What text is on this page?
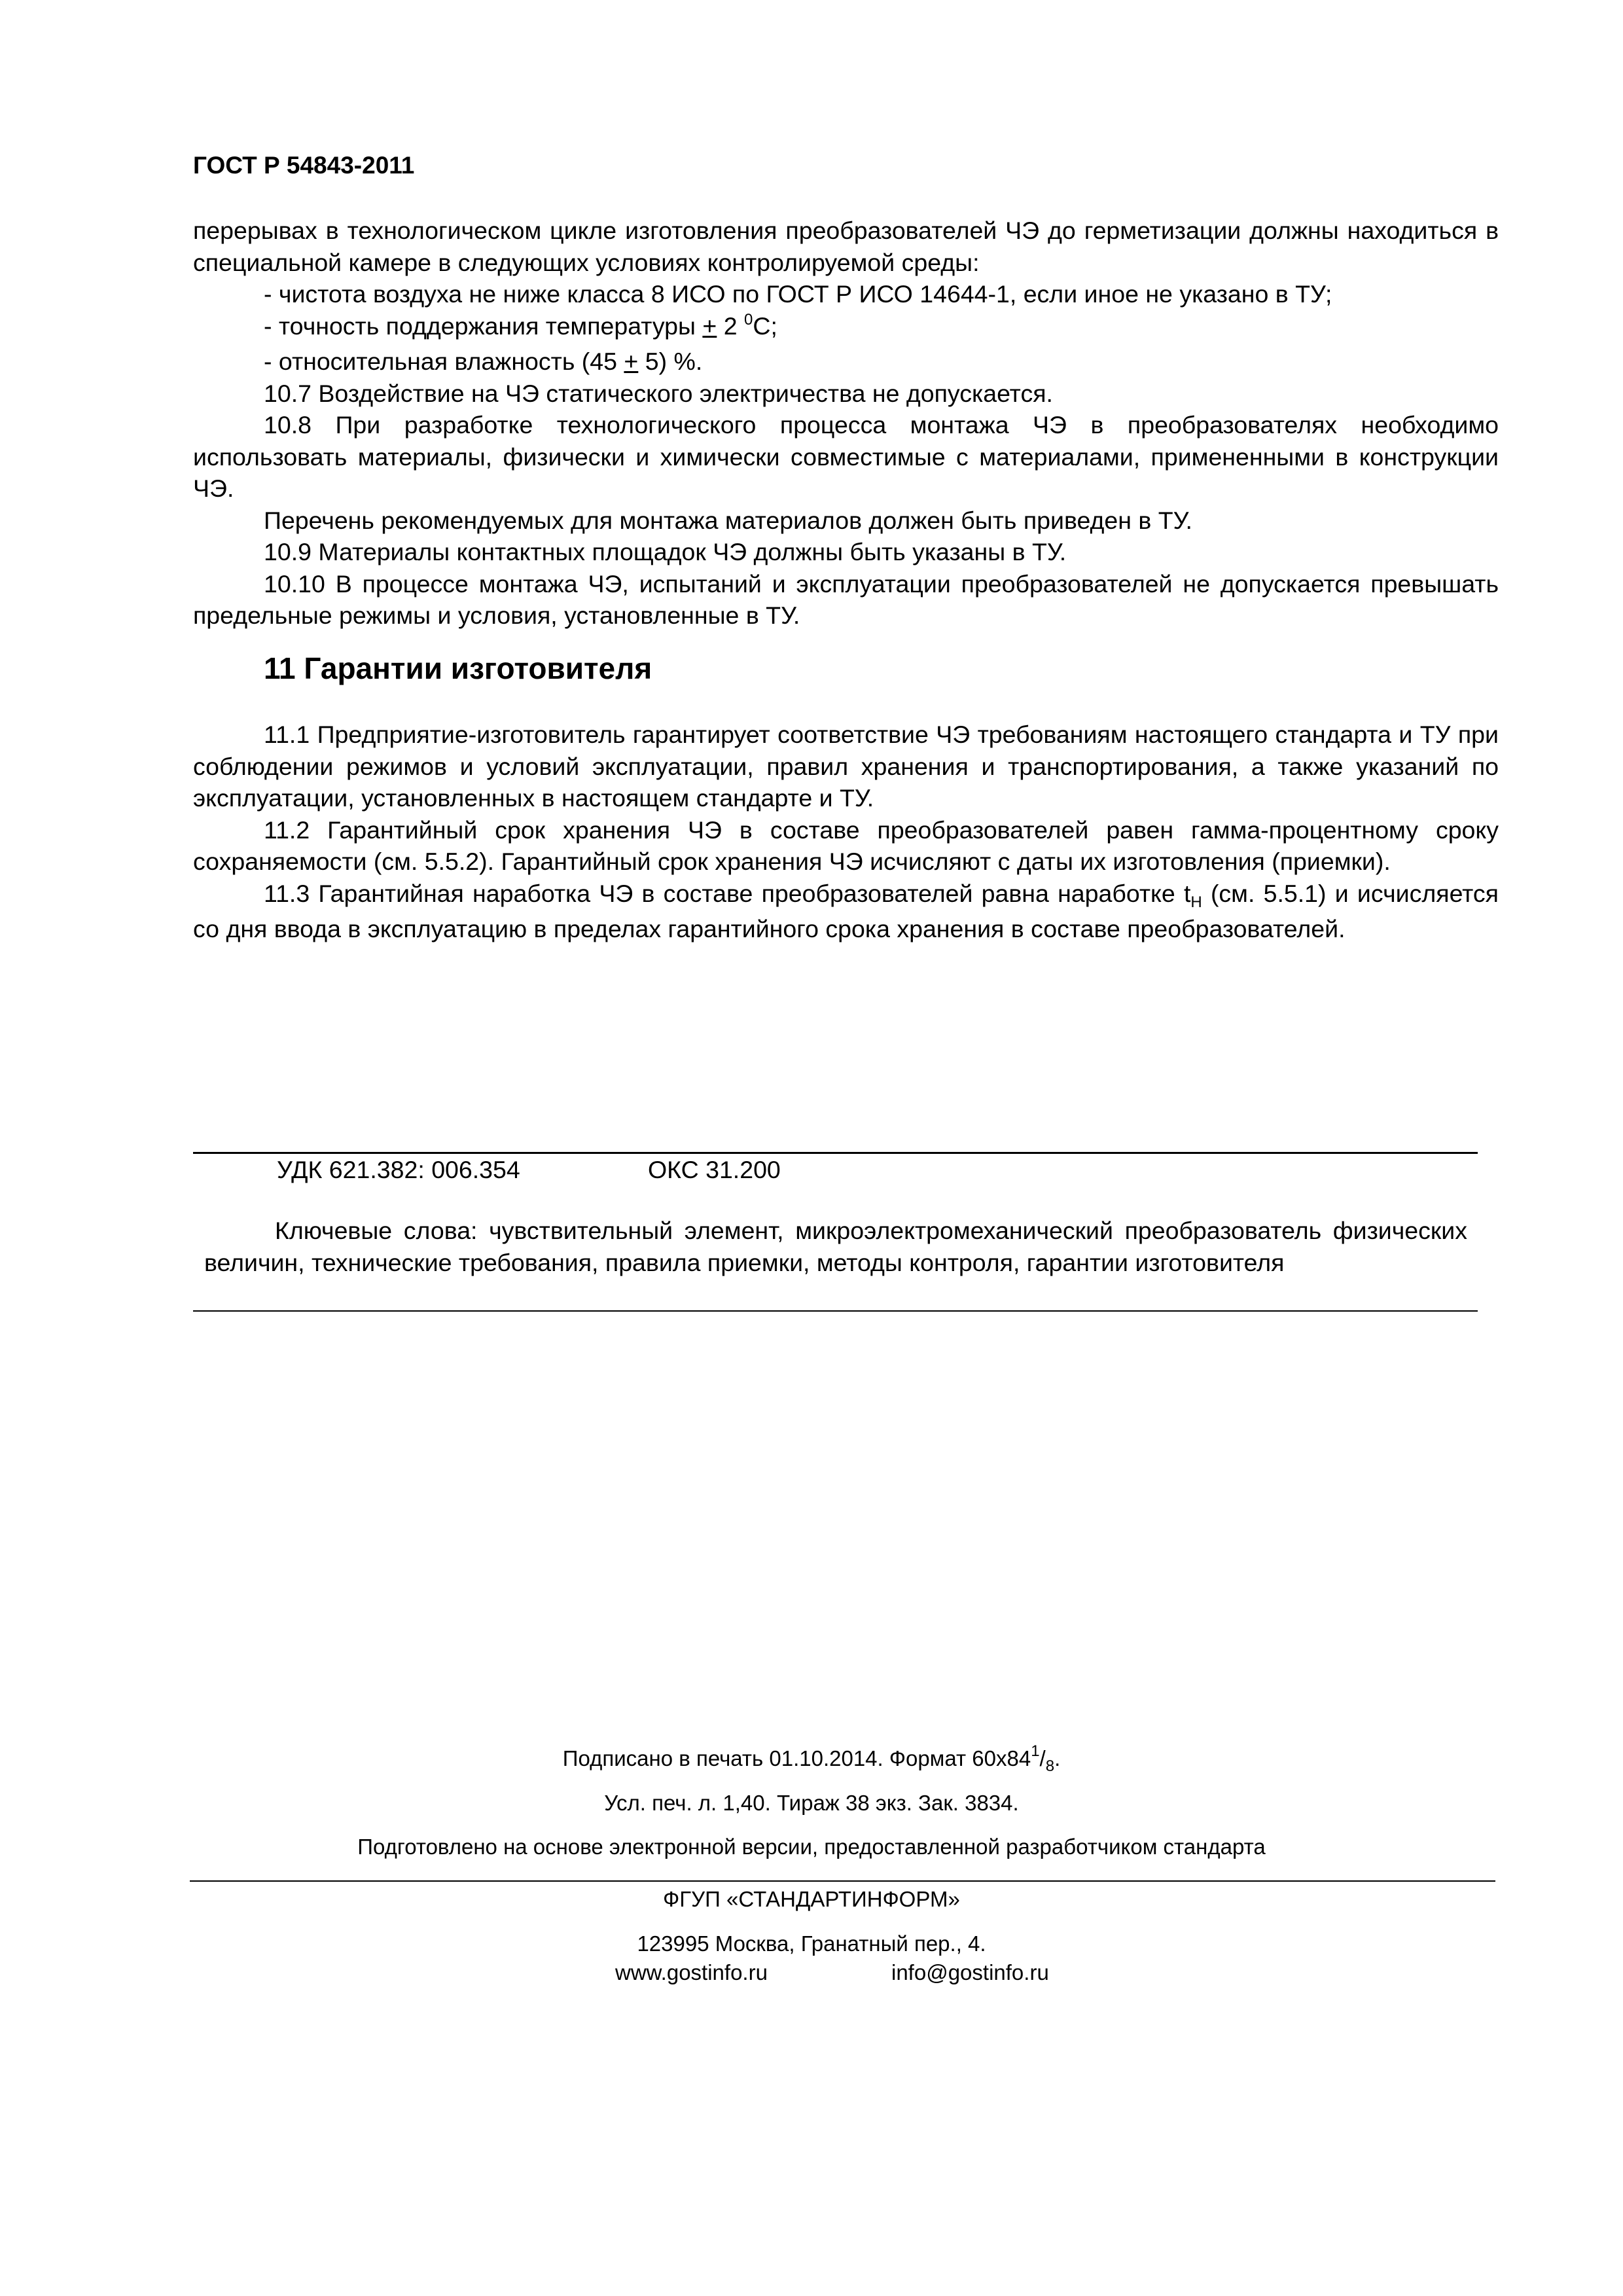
ГОСТ Р 54843-2011

перерывах в технологическом цикле изготовления преобразователей ЧЭ до герметизации должны находиться в специальной камере в следующих условиях контролируемой среды:

- чистота воздуха не ниже класса 8 ИСО по ГОСТ Р ИСО 14644-1, если иное не указано в ТУ;

- точность поддержания температуры + 2 $^0$С;

- относительная влажность (45 + 5) %.

10.7 Воздействие на ЧЭ статического электричества не допускается.

10.8 При разработке технологического процесса монтажа ЧЭ в преобразователях необходимо использовать материалы, физически и химически совместимые с материалами, примененными в конструкции ЧЭ.

Перечень рекомендуемых для монтажа материалов должен быть приведен в ТУ.

10.9 Материалы контактных площадок ЧЭ должны быть указаны в ТУ.

10.10 В процессе монтажа ЧЭ, испытаний и эксплуатации преобразователей не допускается превышать предельные режимы и условия, установленные в ТУ.

11 Гарантии изготовителя

11.1 Предприятие-изготовитель гарантирует соответствие ЧЭ требованиям настоящего стандарта и ТУ при соблюдении режимов и условий эксплуатации, правил хранения и транспортирования, а также указаний по эксплуатации, установленных в настоящем стандарте и ТУ.

11.2 Гарантийный срок хранения ЧЭ в составе преобразователей равен гамма-процентному сроку сохраняемости (см. 5.5.2). Гарантийный срок хранения ЧЭ исчисляют с даты их изготовления (приемки).

11.3 Гарантийная наработка ЧЭ в составе преобразователей равна наработке $t_Н$ (см. 5.5.1) и исчисляется со дня ввода в эксплуатацию в пределах гарантийного срока хранения в составе преобразователей.

УДК 621.382: 006.354	ОКС 31.200

Ключевые слова: чувствительный элемент, микроэлектромеханический преобразователь физических величин, технические требования, правила приемки, методы контроля, гарантии изготовителя

Подписано в печать 01.10.2014. Формат $60х84^1/_8$.
Усл. печ. л. 1,40. Тираж 38 экз. Зак. 3834.
Подготовлено на основе электронной версии, предоставленной разработчиком стандарта
ФГУП «СТАНДАРТИНФОРМ»
123995 Москва, Гранатный пер., 4.
www.gostinfo.ru	info@gostinfo.ru
